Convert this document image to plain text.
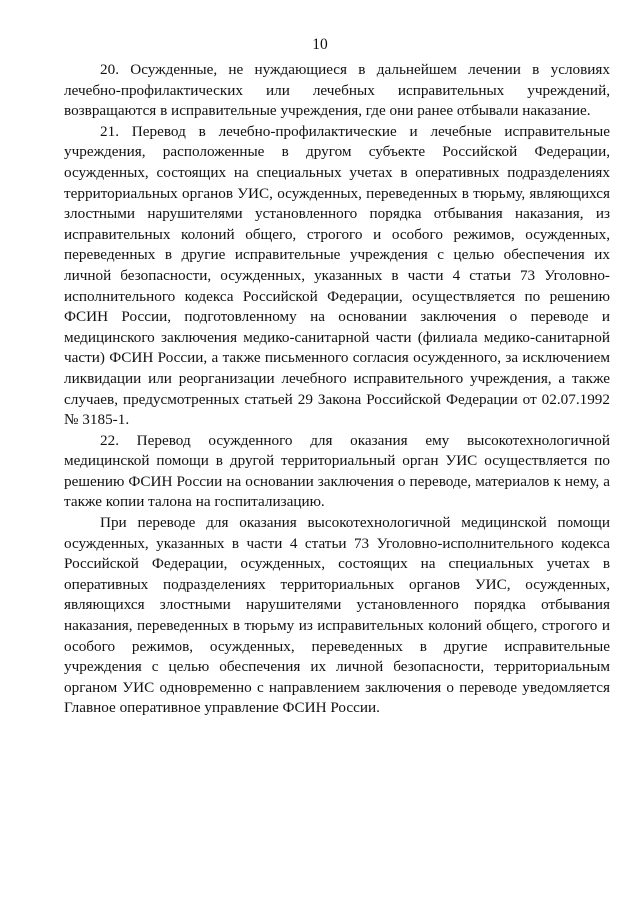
10

20. Осужденные, не нуждающиеся в дальнейшем лечении в условиях лечебно-профилактических или лечебных исправительных учреждений, возвращаются в исправительные учреждения, где они ранее отбывали наказание.

21. Перевод в лечебно-профилактические и лечебные исправительные учреждения, расположенные в другом субъекте Российской Федерации, осужденных, состоящих на специальных учетах в оперативных подразделениях территориальных органов УИС, осужденных, переведенных в тюрьму, являющихся злостными нарушителями установленного порядка отбывания наказания, из исправительных колоний общего, строгого и особого режимов, осужденных, переведенных в другие исправительные учреждения с целью обеспечения их личной безопасности, осужденных, указанных в части 4 статьи 73 Уголовно-исполнительного кодекса Российской Федерации, осуществляется по решению ФСИН России, подготовленному на основании заключения о переводе и медицинского заключения медико-санитарной части (филиала медико-санитарной части) ФСИН России, а также письменного согласия осужденного, за исключением ликвидации или реорганизации лечебного исправительного учреждения, а также случаев, предусмотренных статьей 29 Закона Российской Федерации от 02.07.1992 № 3185-1.

22. Перевод осужденного для оказания ему высокотехнологичной медицинской помощи в другой территориальный орган УИС осуществляется по решению ФСИН России на основании заключения о переводе, материалов к нему, а также копии талона на госпитализацию.

При переводе для оказания высокотехнологичной медицинской помощи осужденных, указанных в части 4 статьи 73 Уголовно-исполнительного кодекса Российской Федерации, осужденных, состоящих на специальных учетах в оперативных подразделениях территориальных органов УИС, осужденных, являющихся злостными нарушителями установленного порядка отбывания наказания, переведенных в тюрьму из исправительных колоний общего, строгого и особого режимов, осужденных, переведенных в другие исправительные учреждения с целью обеспечения их личной безопасности, территориальным органом УИС одновременно с направлением заключения о переводе уведомляется Главное оперативное управление ФСИН России.
